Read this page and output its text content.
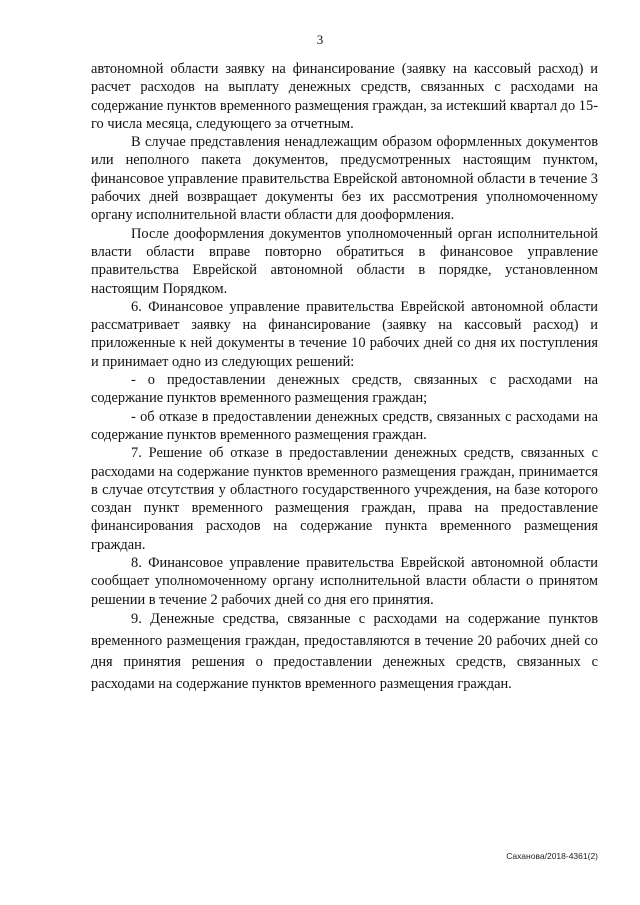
3

автономной области заявку на финансирование (заявку на кассовый расход) и расчет расходов на выплату денежных средств, связанных с расходами на содержание пунктов временного размещения граждан, за истекший квартал до 15-го числа месяца, следующего за отчетным.

В случае представления ненадлежащим образом оформленных документов или неполного пакета документов, предусмотренных настоящим пунктом, финансовое управление правительства Еврейской автономной области в течение 3 рабочих дней возвращает документы без их рассмотрения уполномоченному органу исполнительной власти области для дооформления.

После дооформления документов уполномоченный орган исполнительной власти области вправе повторно обратиться в финансовое управление правительства Еврейской автономной области в порядке, установленном настоящим Порядком.

6. Финансовое управление правительства Еврейской автономной области рассматривает заявку на финансирование (заявку на кассовый расход) и приложенные к ней документы в течение 10 рабочих дней со дня их поступления и принимает одно из следующих решений:

- о предоставлении денежных средств, связанных с расходами на содержание пунктов временного размещения граждан;

- об отказе в предоставлении денежных средств, связанных с расходами на содержание пунктов временного размещения граждан.

7. Решение об отказе в предоставлении денежных средств, связанных с расходами на содержание пунктов временного размещения граждан, принимается в случае отсутствия у областного государственного учреждения, на базе которого создан пункт временного размещения граждан, права на предоставление финансирования расходов на содержание пункта временного размещения граждан.

8. Финансовое управление правительства Еврейской автономной области сообщает уполномоченному органу исполнительной власти области о принятом решении в течение 2 рабочих дней со дня его принятия.

9. Денежные средства, связанные с расходами на содержание пунктов временного размещения граждан, предоставляются в течение 20 рабочих дней со дня принятия решения о предоставлении денежных средств, связанных с расходами на содержание пунктов временного размещения граждан.

Саханова/2018-4361(2)
